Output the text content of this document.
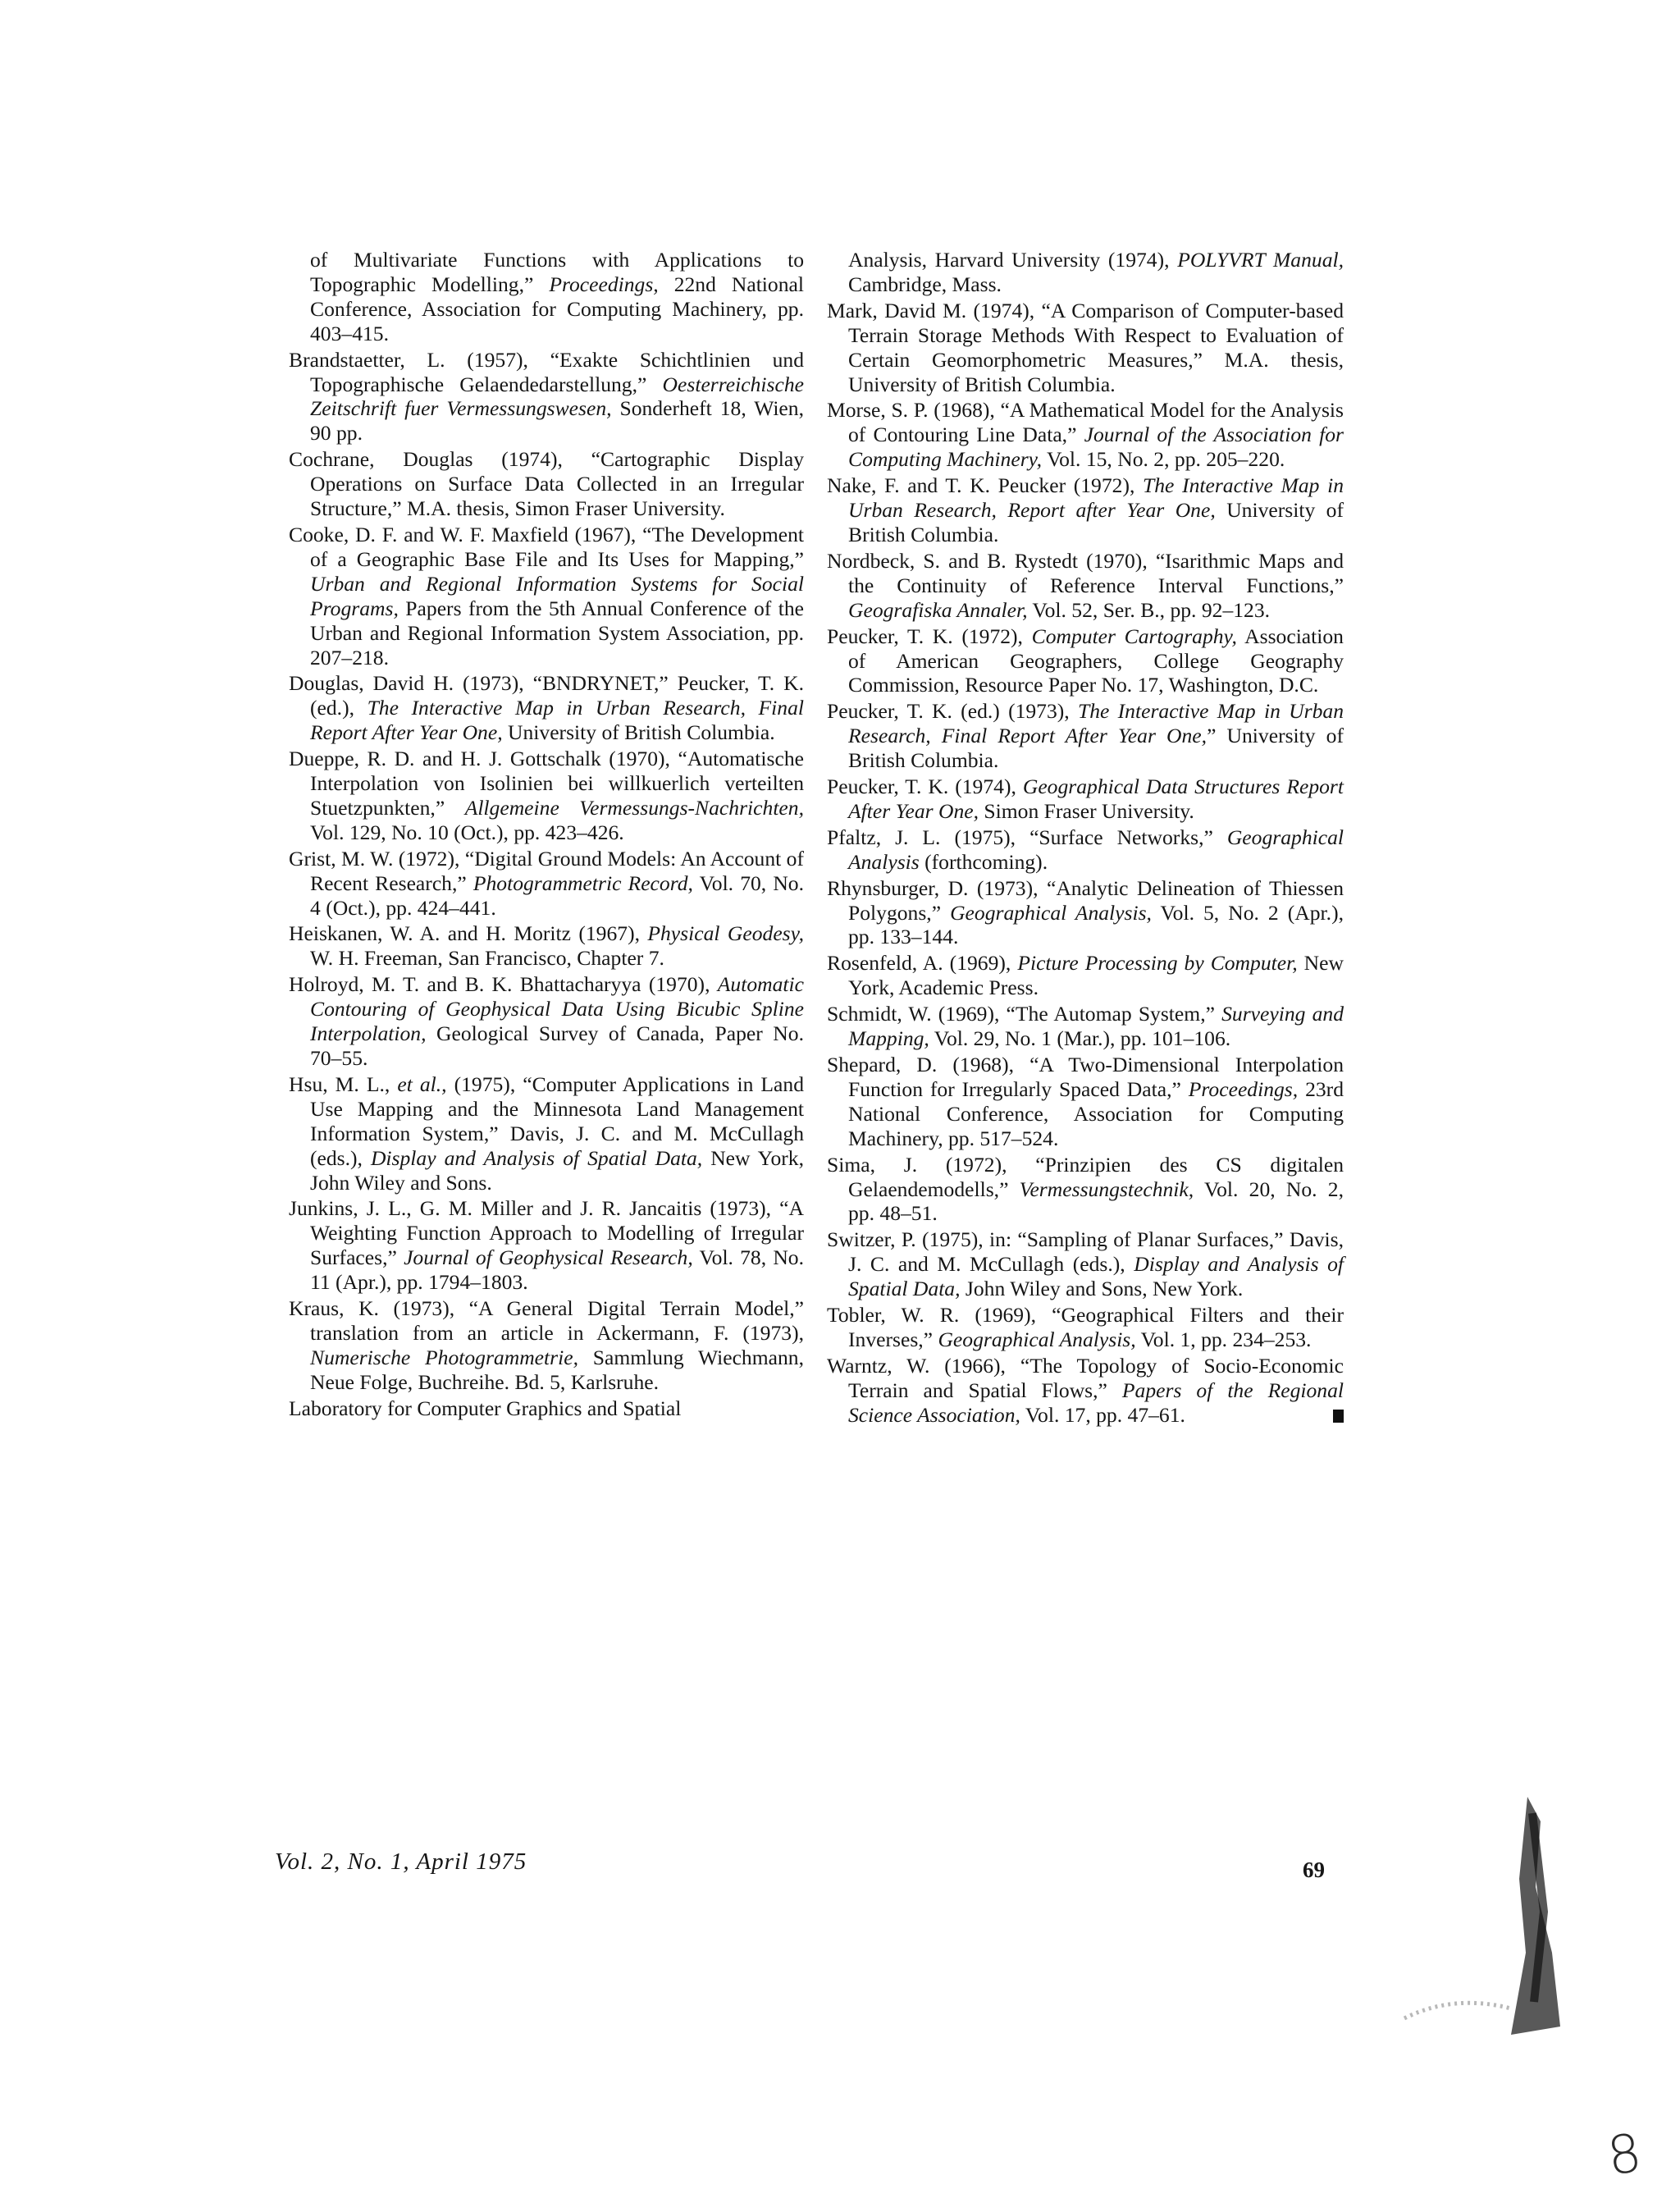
of Multivariate Functions with Applications to Topographic Modelling,” Proceedings, 22nd National Conference, Association for Computing Machinery, pp. 403–415.

Brandstaetter, L. (1957), “Exakte Schichtlinien und Topographische Gelaendedarstellung,” Oesterreichische Zeitschrift fuer Vermessungswesen, Sonderheft 18, Wien, 90 pp.

Cochrane, Douglas (1974), “Cartographic Display Operations on Surface Data Collected in an Irregular Structure,” M.A. thesis, Simon Fraser University.

Cooke, D. F. and W. F. Maxfield (1967), “The Development of a Geographic Base File and Its Uses for Mapping,” Urban and Regional Information Systems for Social Programs, Papers from the 5th Annual Conference of the Urban and Regional Information System Association, pp. 207–218.

Douglas, David H. (1973), “BNDRYNET,” Peucker, T. K. (ed.), The Interactive Map in Urban Research, Final Report After Year One, University of British Columbia.

Dueppe, R. D. and H. J. Gottschalk (1970), “Automatische Interpolation von Isolinien bei willkuerlich verteilten Stuetzpunkten,” Allgemeine Vermessungs-Nachrichten, Vol. 129, No. 10 (Oct.), pp. 423–426.

Grist, M. W. (1972), “Digital Ground Models: An Account of Recent Research,” Photogrammetric Record, Vol. 70, No. 4 (Oct.), pp. 424–441.

Heiskanen, W. A. and H. Moritz (1967), Physical Geodesy, W. H. Freeman, San Francisco, Chapter 7.

Holroyd, M. T. and B. K. Bhattacharyya (1970), Automatic Contouring of Geophysical Data Using Bicubic Spline Interpolation, Geological Survey of Canada, Paper No. 70–55.

Hsu, M. L., et al., (1975), “Computer Applications in Land Use Mapping and the Minnesota Land Management Information System,” Davis, J. C. and M. McCullagh (eds.), Display and Analysis of Spatial Data, New York, John Wiley and Sons.

Junkins, J. L., G. M. Miller and J. R. Jancaitis (1973), “A Weighting Function Approach to Modelling of Irregular Surfaces,” Journal of Geophysical Research, Vol. 78, No. 11 (Apr.), pp. 1794–1803.

Kraus, K. (1973), “A General Digital Terrain Model,” translation from an article in Ackermann, F. (1973), Numerische Photogrammetrie, Sammlung Wiechmann, Neue Folge, Buchreihe. Bd. 5, Karlsruhe.

Laboratory for Computer Graphics and Spatial

Analysis, Harvard University (1974), POLYVRT Manual, Cambridge, Mass.

Mark, David M. (1974), “A Comparison of Computer-based Terrain Storage Methods With Respect to Evaluation of Certain Geomorphometric Measures,” M.A. thesis, University of British Columbia.

Morse, S. P. (1968), “A Mathematical Model for the Analysis of Contouring Line Data,” Journal of the Association for Computing Machinery, Vol. 15, No. 2, pp. 205–220.

Nake, F. and T. K. Peucker (1972), The Interactive Map in Urban Research, Report after Year One, University of British Columbia.

Nordbeck, S. and B. Rystedt (1970), “Isarithmic Maps and the Continuity of Reference Interval Functions,” Geografiska Annaler, Vol. 52, Ser. B., pp. 92–123.

Peucker, T. K. (1972), Computer Cartography, Association of American Geographers, College Geography Commission, Resource Paper No. 17, Washington, D.C.

Peucker, T. K. (ed.) (1973), The Interactive Map in Urban Research, Final Report After Year One,” University of British Columbia.

Peucker, T. K. (1974), Geographical Data Structures Report After Year One, Simon Fraser University.

Pfaltz, J. L. (1975), “Surface Networks,” Geographical Analysis (forthcoming).

Rhynsburger, D. (1973), “Analytic Delineation of Thiessen Polygons,” Geographical Analysis, Vol. 5, No. 2 (Apr.), pp. 133–144.

Rosenfeld, A. (1969), Picture Processing by Computer, New York, Academic Press.

Schmidt, W. (1969), “The Automap System,” Surveying and Mapping, Vol. 29, No. 1 (Mar.), pp. 101–106.

Shepard, D. (1968), “A Two-Dimensional Interpolation Function for Irregularly Spaced Data,” Proceedings, 23rd National Conference, Association for Computing Machinery, pp. 517–524.

Sima, J. (1972), “Prinzipien des CS digitalen Gelaendemodells,” Vermessungstechnik, Vol. 20, No. 2, pp. 48–51.

Switzer, P. (1975), in: “Sampling of Planar Surfaces,” Davis, J. C. and M. McCullagh (eds.), Display and Analysis of Spatial Data, John Wiley and Sons, New York.

Tobler, W. R. (1969), “Geographical Filters and their Inverses,” Geographical Analysis, Vol. 1, pp. 234–253.

Warntz, W. (1966), “The Topology of Socio-Economic Terrain and Spatial Flows,” Papers of the Regional Science Association, Vol. 17, pp. 47–61.

Vol. 2, No. 1, April 1975	69
8
